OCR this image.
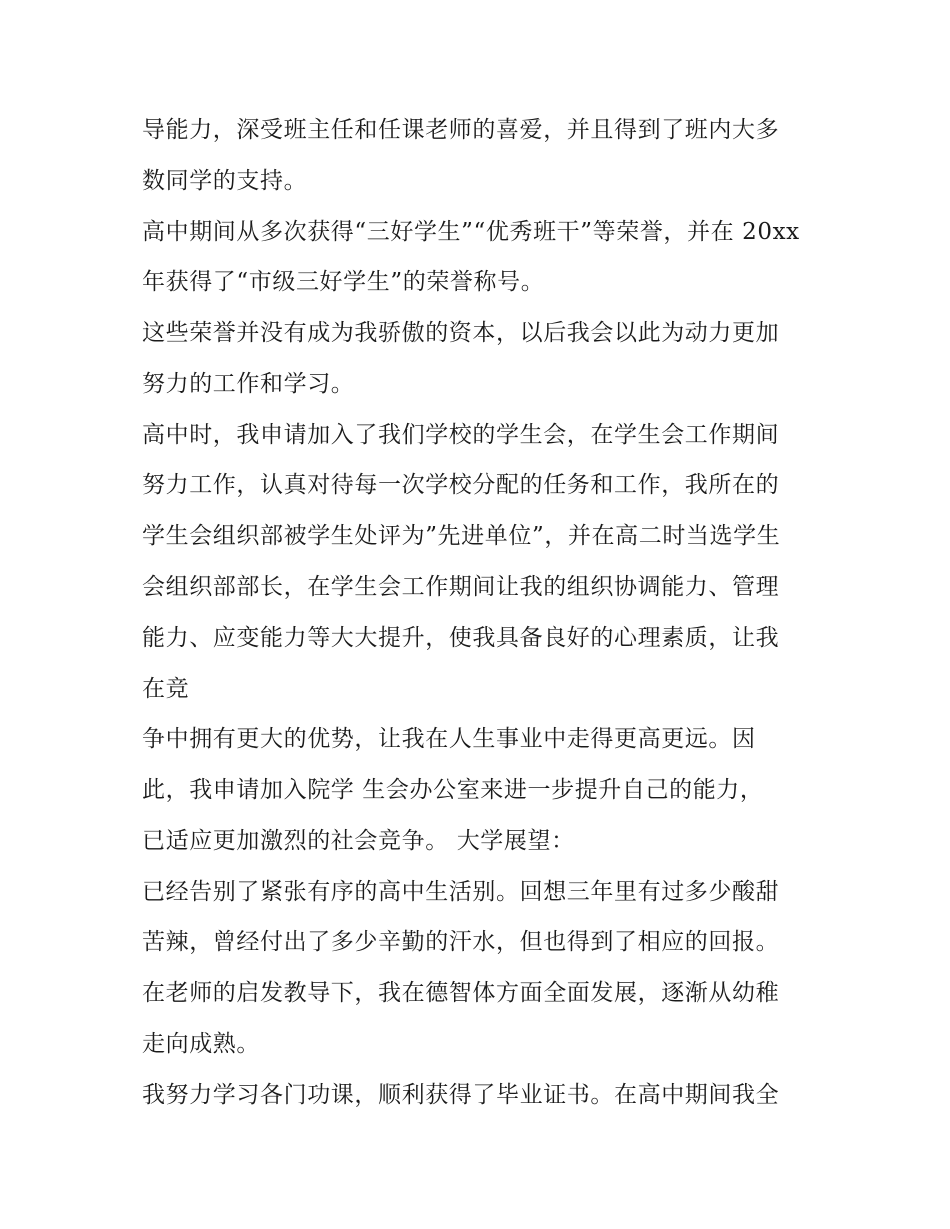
导能力，深受班主任和任课老师的喜爱，并且得到了班内大多

数同学的支持。

高中期间从多次获得“三好学生”“优秀班干”等荣誉，并在 20xx

年获得了“市级三好学生”的荣誉称号。

这些荣誉并没有成为我骄傲的资本，以后我会以此为动力更加

努力的工作和学习。

高中时，我申请加入了我们学校的学生会，在学生会工作期间

努力工作，认真对待每一次学校分配的任务和工作，我所在的

学生会组织部被学生处评为”先进单位”，并在高二时当选学生

会组织部部长，在学生会工作期间让我的组织协调能力、管理

能力、应变能力等大大提升，使我具备良好的心理素质，让我

在竞

争中拥有更大的优势，让我在人生事业中走得更高更远。因

此，我申请加入院学 生会办公室来进一步提升自己的能力，

已适应更加激烈的社会竞争。 大学展望：

已经告别了紧张有序的高中生活别。回想三年里有过多少酸甜

苦辣，曾经付出了多少辛勤的汗水，但也得到了相应的回报。

在老师的启发教导下，我在德智体方面全面发展，逐渐从幼稚

走向成熟。

我努力学习各门功课，顺利获得了毕业证书。在高中期间我全
